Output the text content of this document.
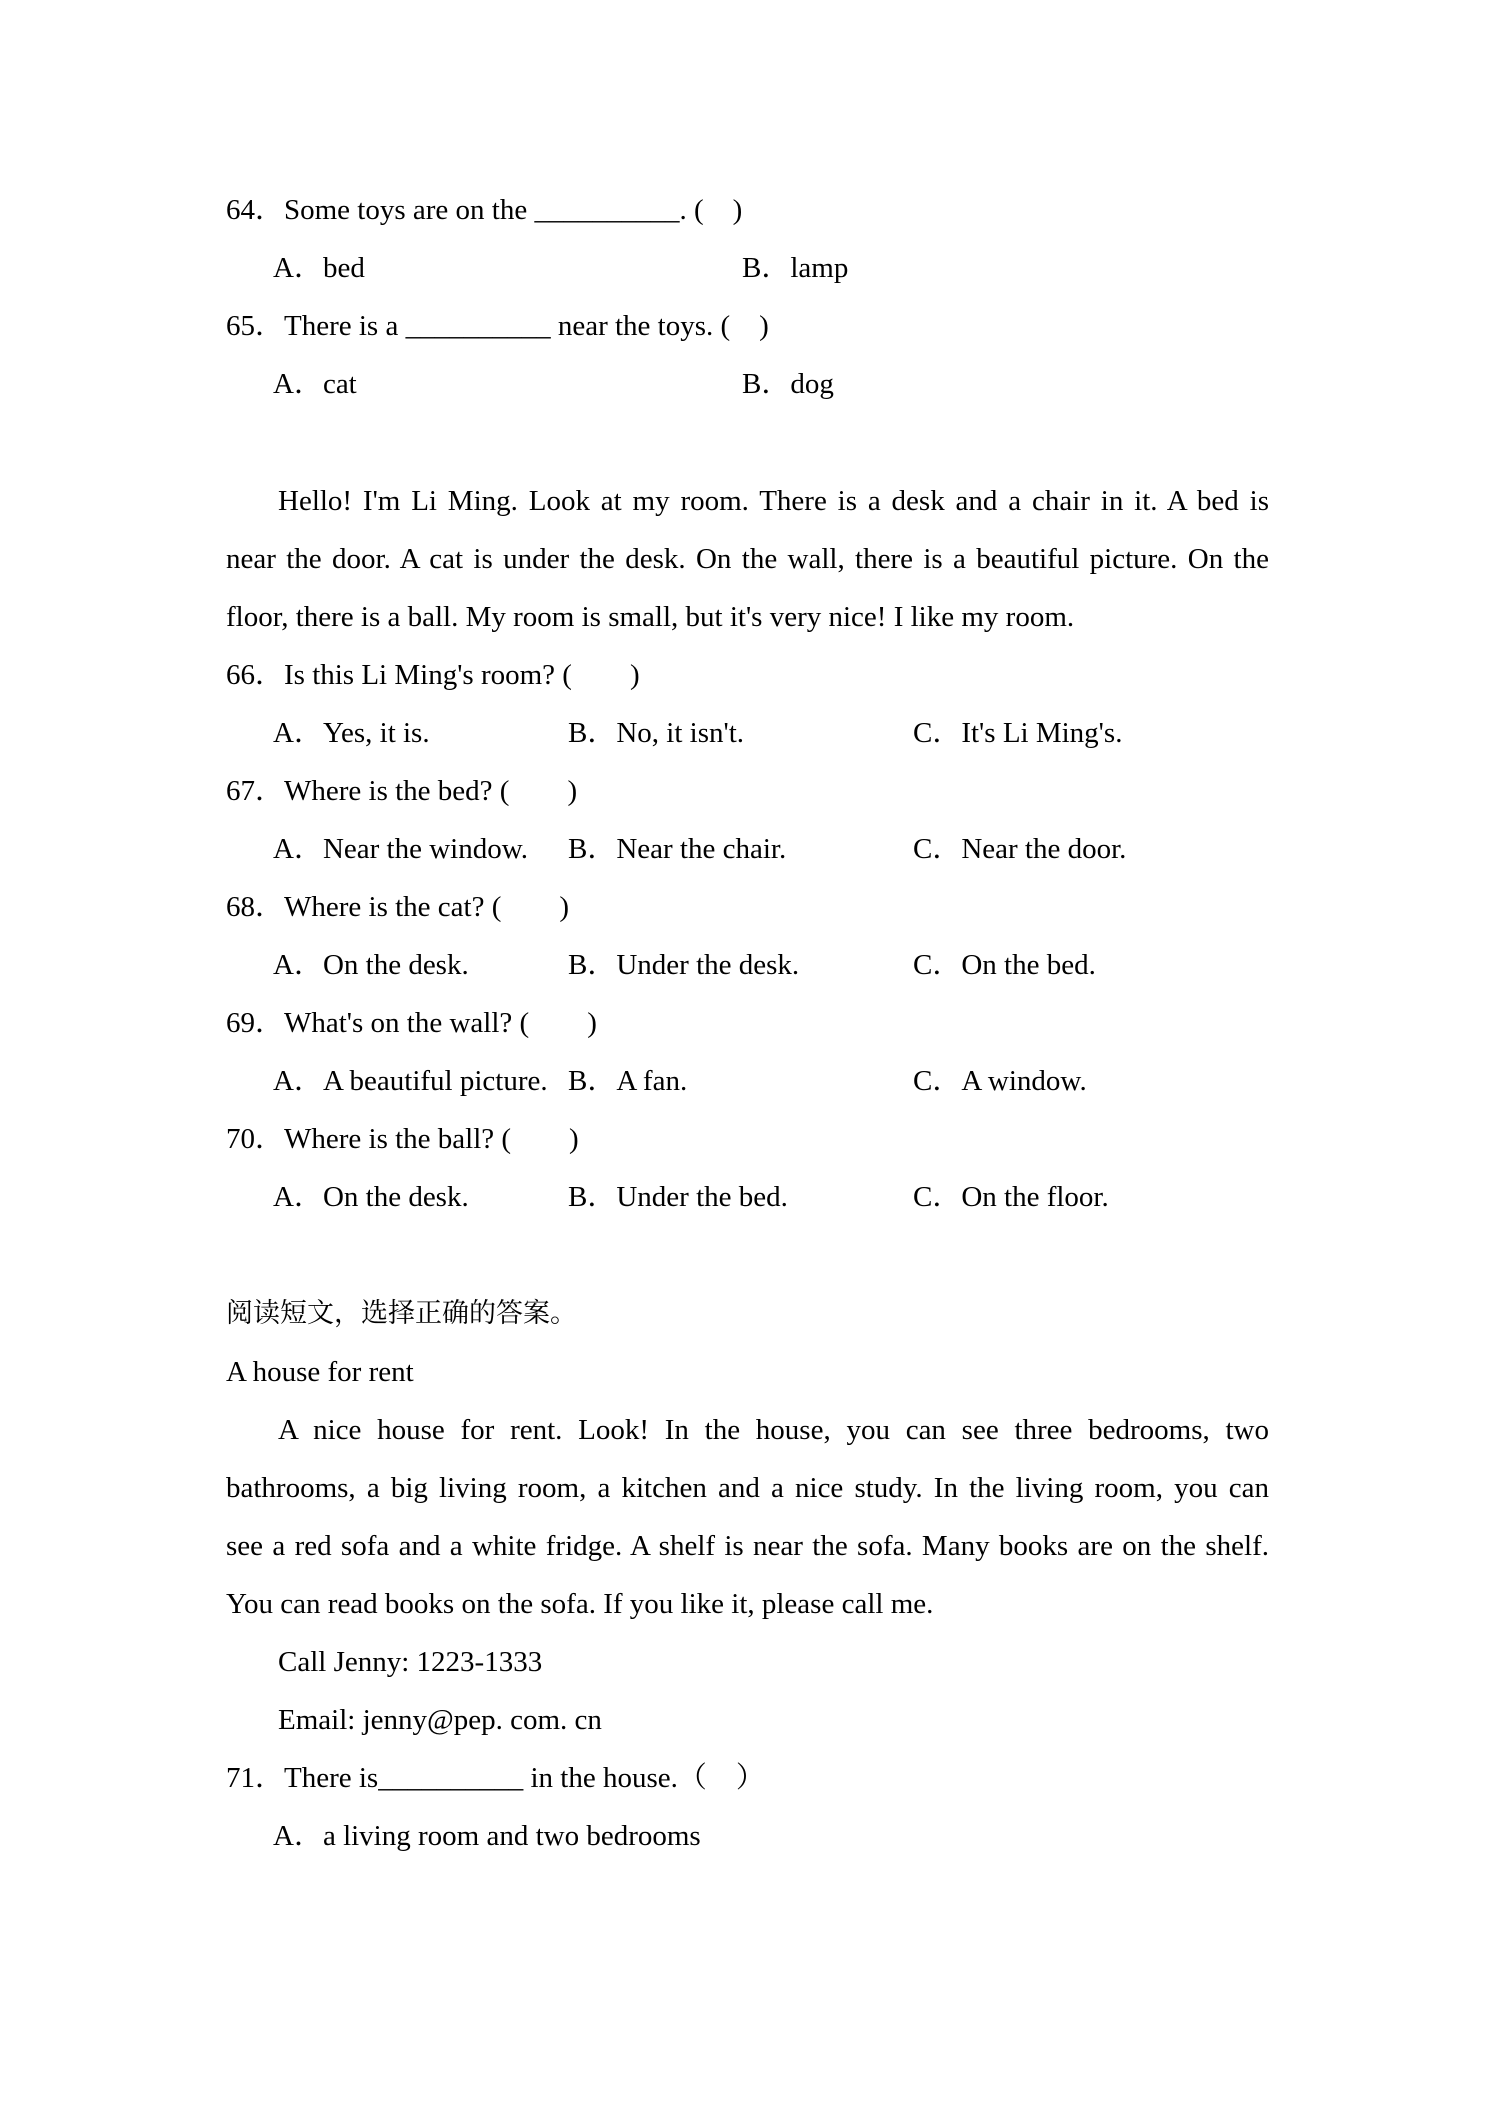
64．Some toys are on the __________. (    )
A．bed	B．lamp
65．There is a __________ near the toys. (    )
A．cat	B．dog
Hello! I'm Li Ming. Look at my room. There is a desk and a chair in it. A bed is
near the door. A cat is under the desk. On the wall, there is a beautiful picture. On the
floor, there is a ball. My room is small, but it's very nice! I like my room.
66．Is this Li Ming's room? (        )
A．Yes, it is.	B．No, it isn't.	C．It's Li Ming's.
67．Where is the bed? (        )
A．Near the window. B．Near the chair.	C．Near the door.
68．Where is the cat? (        )
A．On the desk.	B．Under the desk.	C．On the bed.
69．What's on the wall? (        )
A．A beautiful picture. B．A fan.	C．A window.
70．Where is the ball? (        )
A．On the desk.	B．Under the bed.	C．On the floor.
阅读短文，选择正确的答案。
A house for rent
A nice house for rent. Look! In the house, you can see three bedrooms, two
bathrooms, a big living room, a kitchen and a nice study. In the living room, you can
see a red sofa and a white fridge. A shelf is near the sofa. Many books are on the shelf.
You can read books on the sofa. If you like it, please call me.
Call Jenny: 1223-1333
Email: jenny@pep. com. cn
71．There is__________ in the house.（    ）
A．a living room and two bedrooms
